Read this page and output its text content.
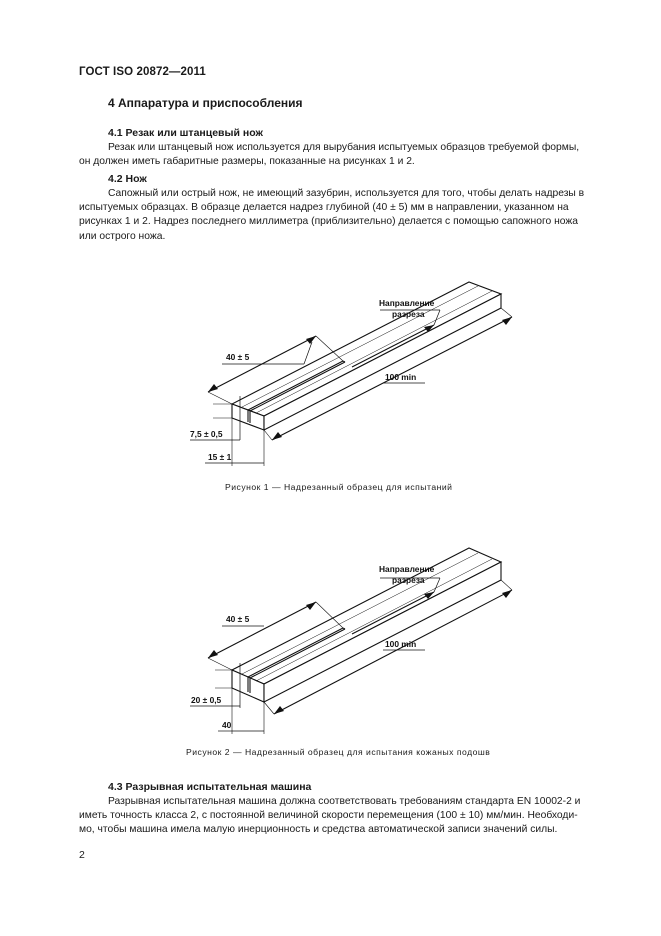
ГОСТ ISO 20872—2011
4 Аппаратура и приспособления
4.1 Резак или штанцевый нож
Резак или штанцевый нож используется для вырубания испытуемых образцов требуемой формы,
он должен иметь габаритные размеры, показанные на рисунках 1 и 2.
4.2 Нож
Сапожный или острый нож, не имеющий зазубрин, используется для того, чтобы делать надрезы в
испытуемых образцах. В образце делается надрез глубиной (40 ± 5) мм в направлении, указанном на
рисунках 1 и 2. Надрез последнего миллиметра (приблизительно) делается с помощью сапожного ножа
или острого ножа.
Направление
разреза
40 ± 5
100 min
7,5 ± 0,5
15 ± 1
Рисунок 1 — Надрезанный образец для испытаний
Направление
разреза
40 ± 5
100 min
20 ± 0,5
40
Рисунок 2 — Надрезанный образец для испытания кожаных подошв
4.3 Разрывная испытательная машина
Разрывная испытательная машина должна соответствовать требованиям стандарта EN 10002-2 и
иметь точность класса 2, с постоянной величиной скорости перемещения (100 ± 10) мм/мин. Необходи-
мо, чтобы машина имела малую инерционность и средства автоматической записи значений силы.
2
